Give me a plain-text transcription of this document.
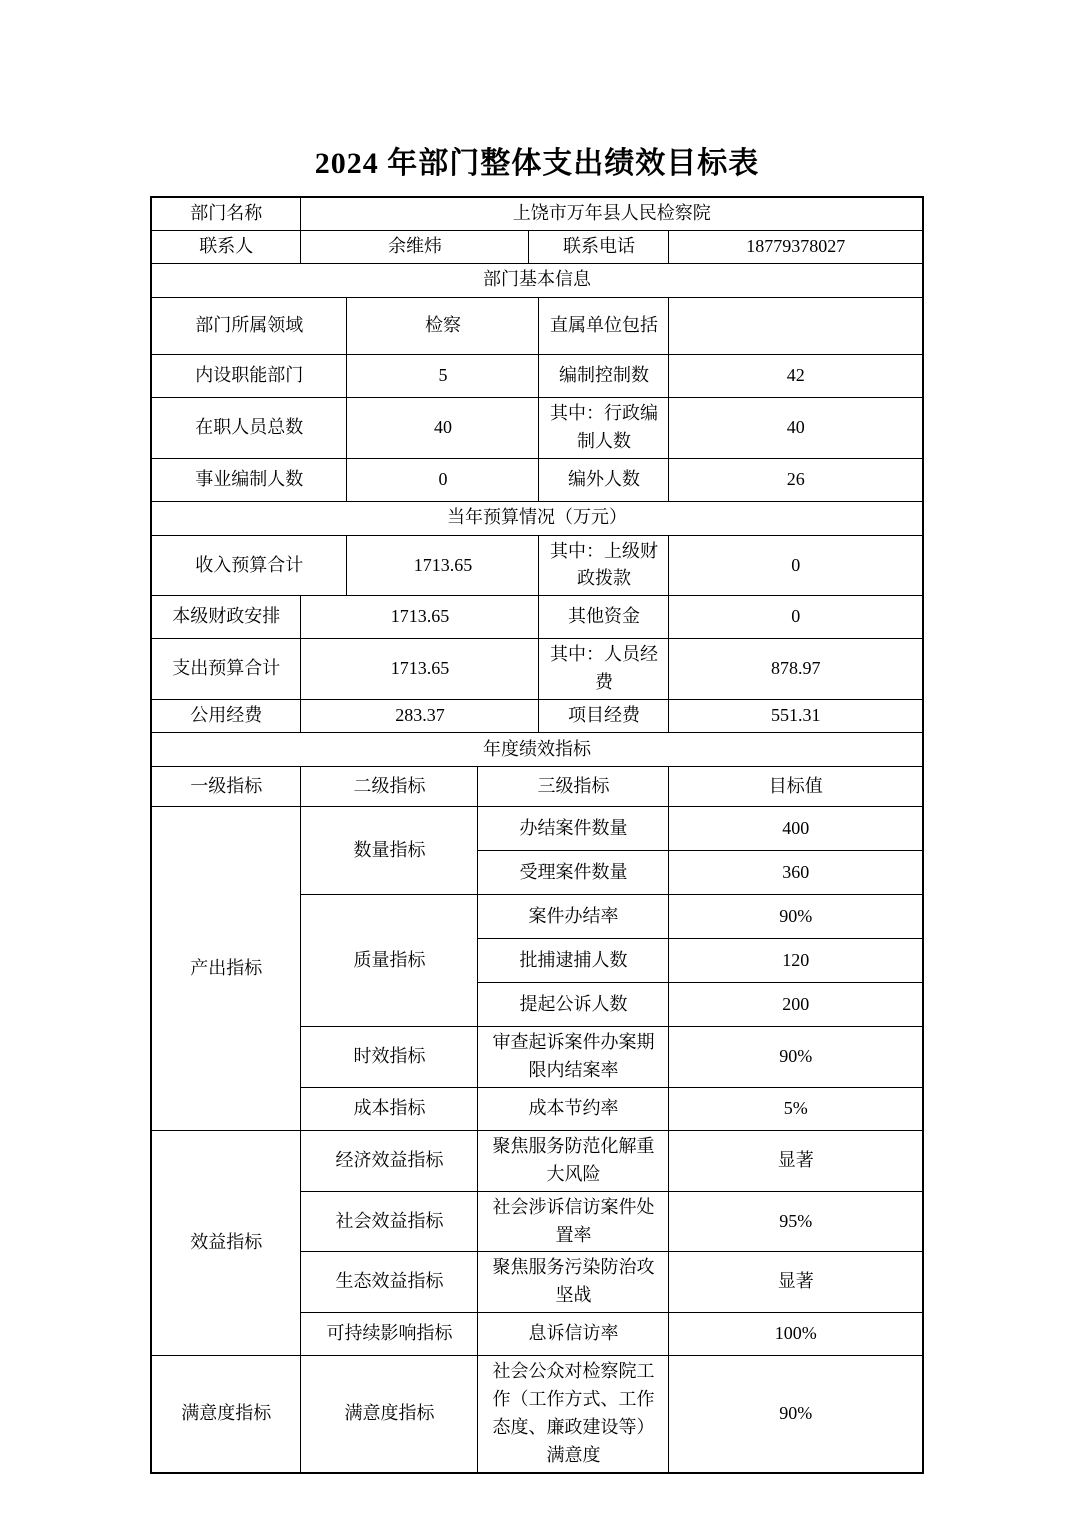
2024 年部门整体支出绩效目标表
部门名称	上饶市万年县人民检察院					
联系人	余维炜			联系电话		18779378027
部门基本信息						
部门所属领域		检察			直属单位包括	
内设职能部门		5			编制控制数	42
在职人员总数		40			其中：行政编制人数	40
事业编制人数		0			编外人数	26
当年预算情况（万元）						
收入预算合计		1713.65			其中：上级财政拨款	0
本级财政安排	1713.65				其他资金	0
支出预算合计	1713.65				其中：人员经费	878.97
公用经费	283.37				项目经费	551.31
年度绩效指标						
一级指标	二级指标		三级指标			目标值
产出指标	数量指标		办结案件数量			400
			受理案件数量			360
	质量指标		案件办结率			90%
			批捕逮捕人数			120
			提起公诉人数			200
	时效指标		审查起诉案件办案期限内结案率			90%
	成本指标		成本节约率			5%
效益指标	经济效益指标		聚焦服务防范化解重大风险			显著
	社会效益指标		社会涉诉信访案件处置率			95%
	生态效益指标		聚焦服务污染防治攻坚战			显著
	可持续影响指标		息诉信访率			100%
满意度指标	满意度指标		社会公众对检察院工作（工作方式、工作态度、廉政建设等）满意度			90%
